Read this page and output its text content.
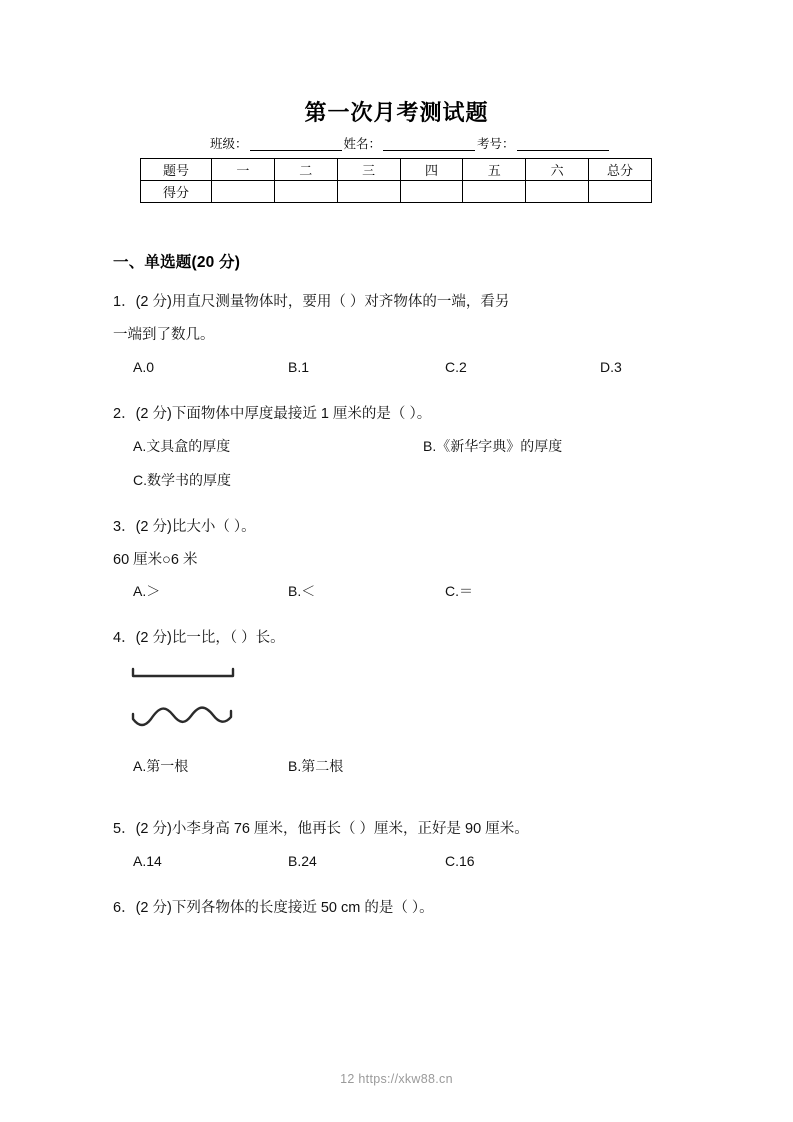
第一次月考测试题
班级：	姓名：	考号：
题号	一	二	三	四	五	六	总分
得分							
一、单选题(20 分)

1．(2 分)用直尺测量物体时，要用（ ）对齐物体的一端，看另

一端到了数几。

A.0	B.1	C.2	D.3

2．(2 分)下面物体中厚度最接近 1 厘米的是（ ）。

A.文具盒的厚度	B.《新华字典》的厚度
C.数学书的厚度

3．(2 分)比大小（ ）。

60 厘米○6 米

A.＞	B.＜	C.＝

4．(2 分)比一比，（ ）长。

A.第一根	B.第二根

5．(2 分)小李身高 76 厘米，他再长（ ）厘米，正好是 90 厘米。

A.14	B.24	C.16

6．(2 分)下列各物体的长度接近 50 cm 的是（ ）。

12 https://xkw88.cn
